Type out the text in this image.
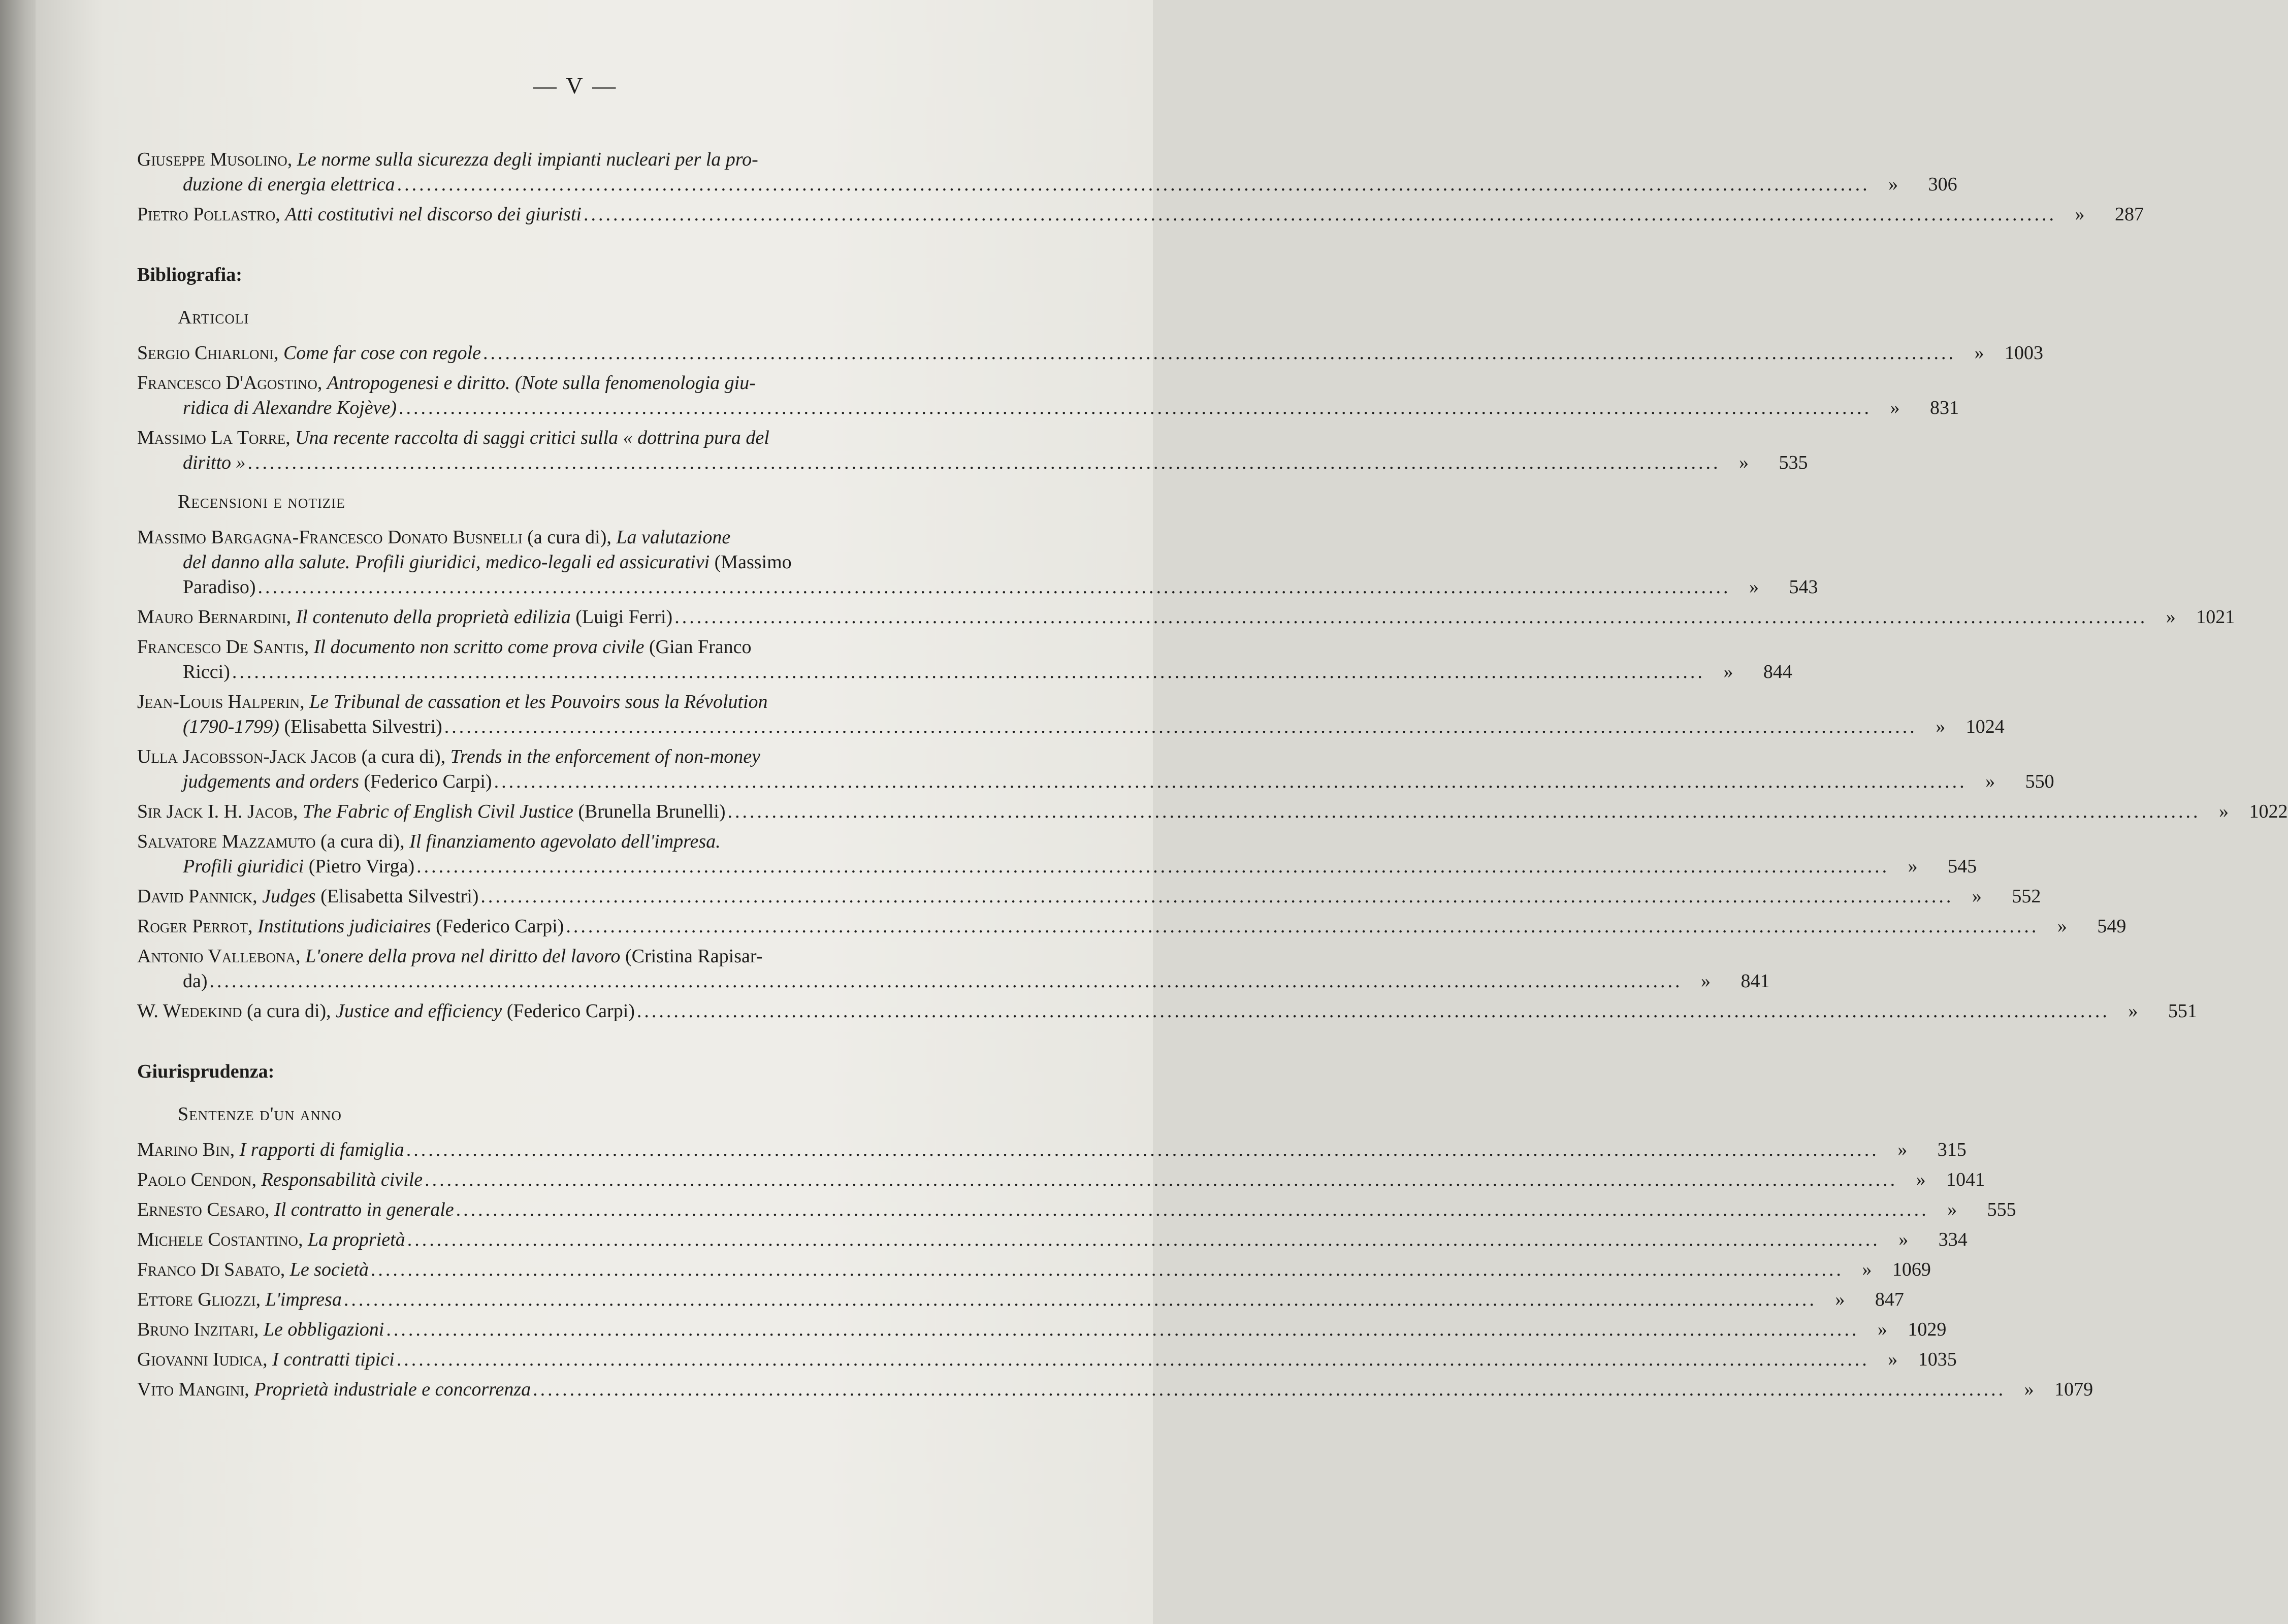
— V —
Giuseppe Musolino, Le norme sulla sicurezza degli impianti nucleari per la pro-
duzione di energia elettrica .....	»	306
Pietro Pollastro, Atti costitutivi nel discorso dei giuristi .....	»	287
Bibliografia:
Articoli
Sergio Chiarloni, Come far cose con regole .....	»	1003
Francesco D'Agostino, Antropogenesi e diritto. (Note sulla fenomenologia giu-
ridica di Alexandre Kojève) .....	»	831
Massimo La Torre, Una recente raccolta di saggi critici sulla « dottrina pura del
diritto » .....	»	535
Recensioni e notizie
Massimo Bargagna-Francesco Donato Busnelli (a cura di), La valutazione
del danno alla salute. Profili giuridici, medico-legali ed assicurativi (Massimo
Paradiso) .....	»	543
Mauro Bernardini, Il contenuto della proprietà edilizia (Luigi Ferri) .....	»	1021
Francesco De Santis, Il documento non scritto come prova civile (Gian Franco
Ricci) .....	»	844
Jean-Louis Halperin, Le Tribunal de cassation et les Pouvoirs sous la Révolution
(1790-1799) (Elisabetta Silvestri) .....	»	1024
Ulla Jacobsson-Jack Jacob (a cura di), Trends in the enforcement of non-money
judgements and orders (Federico Carpi) .....	»	550
Sir Jack I. H. Jacob, The Fabric of English Civil Justice (Brunella Brunelli) .....	»	1022
Salvatore Mazzamuto (a cura di), Il finanziamento agevolato dell'impresa.
Profili giuridici (Pietro Virga) .....	»	545
David Pannick, Judges (Elisabetta Silvestri) .....	»	552
Roger Perrot, Institutions judiciaires (Federico Carpi) .....	»	549
Antonio Vallebona, L'onere della prova nel diritto del lavoro (Cristina Rapisar-
da) .....	»	841
W. Wedekind (a cura di), Justice and efficiency (Federico Carpi) .....	»	551
Giurisprudenza:
Sentenze d'un anno
Marino Bin, I rapporti di famiglia .....	»	315
Paolo Cendon, Responsabilità civile .....	»	1041
Ernesto Cesaro, Il contratto in generale .....	»	555
Michele Costantino, La proprietà .....	»	334
Franco Di Sabato, Le società .....	»	1069
Ettore Gliozzi, L'impresa .....	»	847
Bruno Inzitari, Le obbligazioni .....	»	1029
Giovanni Iudica, I contratti tipici .....	»	1035
Vito Mangini, Proprietà industriale e concorrenza .....	»	1079
